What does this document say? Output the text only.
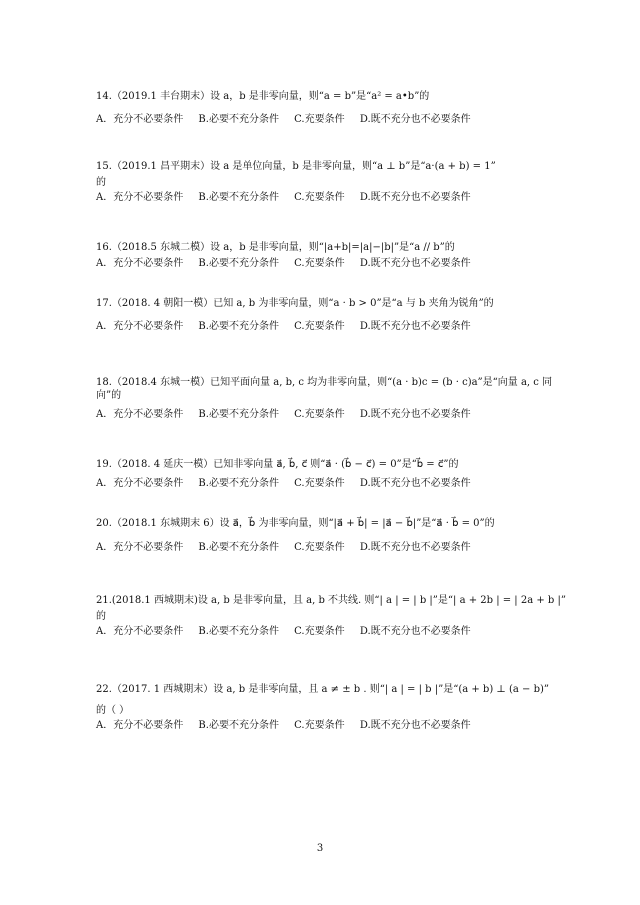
14.（2019.1 丰台期末）设 a，b 是非零向量，则“a = b”是“a² = a•b”的

A．充分不必要条件 B.必要不充分条件 C.充要条件 D.既不充分也不必要条件

15.（2019.1 昌平期末）设 a 是单位向量，b 是非零向量，则“a ⊥ b”是“a·(a + b) = 1”

的

A．充分不必要条件 B.必要不充分条件 C.充要条件 D.既不充分也不必要条件

16.（2018.5 东城二模）设 a，b 是非零向量，则“|a+b|=|a|−|b|”是“a // b”的

A．充分不必要条件 B.必要不充分条件 C.充要条件 D.既不充分也不必要条件

17.（2018. 4 朝阳一模）已知 a, b 为非零向量，则“a · b > 0”是“a 与 b 夹角为锐角”的

A．充分不必要条件 B.必要不充分条件 C.充要条件 D.既不充分也不必要条件

18.（2018.4 东城一模）已知平面向量 a, b, c 均为非零向量，则“(a · b)c = (b · c)a”是“向量 a, c 同向”的

A．充分不必要条件 B.必要不充分条件 C.充要条件 D.既不充分也不必要条件

19.（2018. 4 延庆一模）已知非零向量 a⃗, b⃗, c⃗ 则“a⃗ · (b⃗ − c⃗) = 0”是“b⃗ = c⃗”的

A．充分不必要条件 B.必要不充分条件 C.充要条件 D.既不充分也不必要条件

20.（2018.1 东城期末 6）设 a⃗，b⃗ 为非零向量，则“|a⃗ + b⃗| = |a⃗ − b⃗|”是“a⃗ · b⃗ = 0”的

A．充分不必要条件 B.必要不充分条件 C.充要条件 D.既不充分也不必要条件

21.(2018.1 西城期末)设 a, b 是非零向量，且 a, b 不共线. 则“| a | = | b |”是“| a + 2b | = | 2a + b |”

的

A．充分不必要条件 B.必要不充分条件 C.充要条件 D.既不充分也不必要条件

22.（2017. 1 西城期末）设 a, b 是非零向量，且 a ≠ ± b . 则“| a | = | b |”是“(a + b) ⊥ (a − b)”

的（ ）

A．充分不必要条件 B.必要不充分条件 C.充要条件 D.既不充分也不必要条件
3
